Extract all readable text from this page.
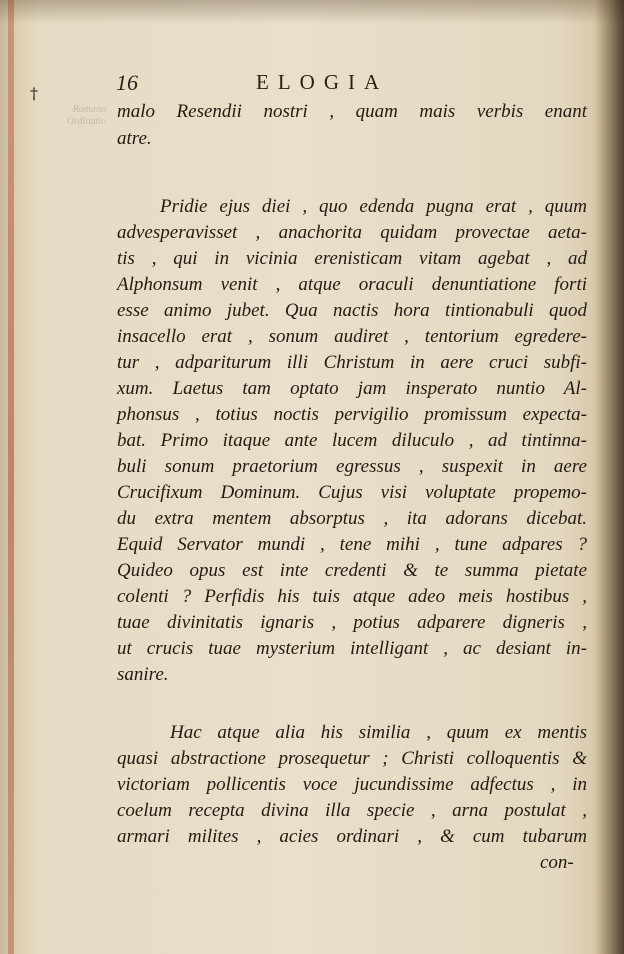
†
Romano
Ordinatio
16	ELOGIA

malo Resendii nostri , quam mais verbis enant

atre.

Pridie ejus diei , quo edenda pugna erat , quum

advesperavisset , anachorita quidam provectae aeta-

tis , qui in vicinia erenisticam vitam agebat , ad

Alphonsum venit , atque oraculi denuntiatione forti

esse animo jubet. Qua nactis hora tintionabuli quod

insacello erat , sonum audiret , tentorium egredere-

tur , adpariturum illi Christum in aere cruci subfi-

xum. Laetus tam optato jam insperato nuntio Al-

phonsus , totius noctis pervigilio promissum expecta-

bat. Primo itaque ante lucem diluculo , ad tintinna-

buli sonum praetorium egressus , suspexit in aere

Crucifixum Dominum. Cujus visi voluptate propemo-

du extra mentem absorptus , ita adorans dicebat.

Equid Servator mundi , tene mihi , tune adpares ?

Quideo opus est inte credenti & te summa pietate

colenti ? Perfidis his tuis atque adeo meis hostibus ,

tuae divinitatis ignaris , potius adparere digneris ,

ut crucis tuae mysterium intelligant , ac desiant in-

sanire.

Hac atque alia his similia , quum ex mentis

quasi abstractione prosequetur ; Christi colloquentis &

victoriam pollicentis voce jucundissime adfectus , in

coelum recepta divina illa specie , arna postulat ,

armari milites , acies ordinari , & cum tubarum

con-
